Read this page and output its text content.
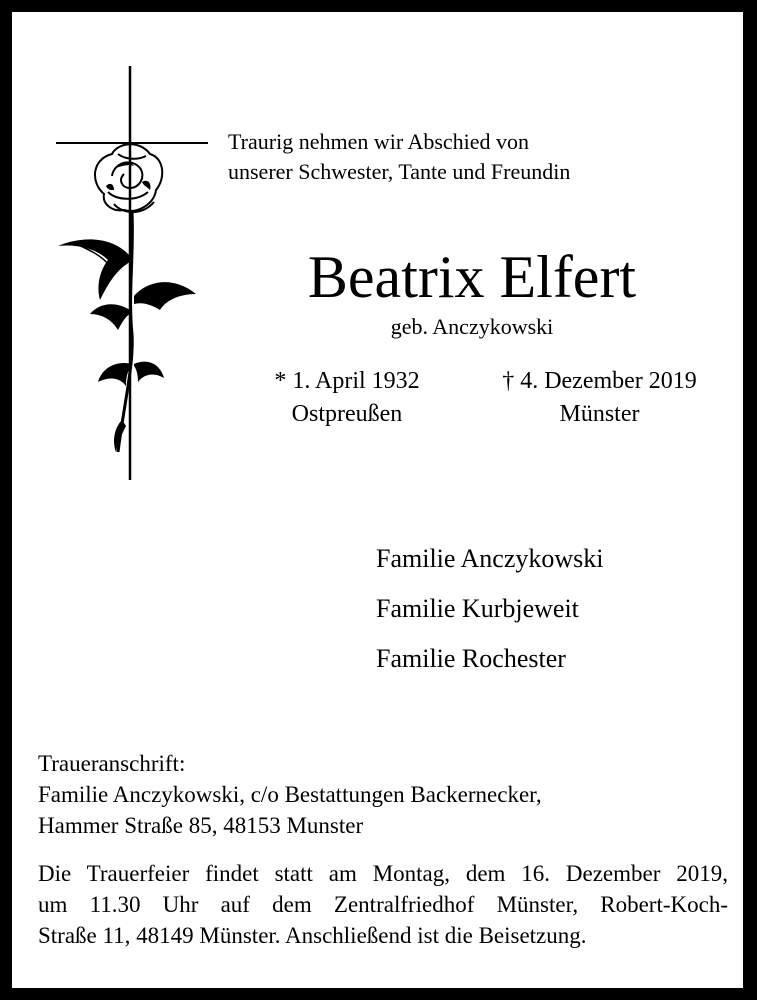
Traurig nehmen wir Abschied von
unserer Schwester, Tante und Freundin
Beatrix Elfert
geb. Anczykowski
* 1. April 1932
Ostpreußen
† 4. Dezember 2019
Münster
Familie Anczykowski
Familie Kurbjeweit
Familie Rochester
Traueranschrift:
Familie Anczykowski, c/o Bestattungen Backernecker,
Hammer Straße 85, 48153 Munster
Die Trauerfeier findet statt am Montag, dem 16. Dezember 2019,
um 11.30 Uhr auf dem Zentralfriedhof Münster, Robert-Koch-
Straße 11, 48149 Münster. Anschließend ist die Beisetzung.
